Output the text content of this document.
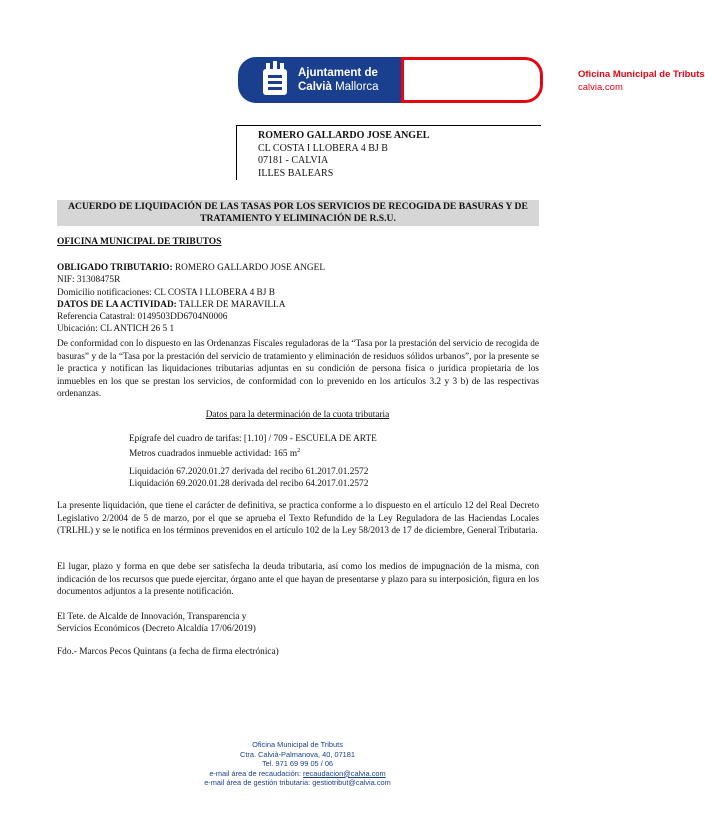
Ajuntament de
Calvià Mallorca
Oficina Municipal de Tributs
calvia.com
ROMERO GALLARDO JOSE ANGEL
CL COSTA I LLOBERA 4 BJ B
07181 - CALVIA
ILLES BALEARS
ACUERDO DE LIQUIDACIÓN DE LAS TASAS POR LOS SERVICIOS DE RECOGIDA DE BASURAS Y DE
TRATAMIENTO Y ELIMINACIÓN DE R.S.U.
OFICINA MUNICIPAL DE TRIBUTOS
OBLIGADO TRIBUTARIO: ROMERO GALLARDO JOSE ANGEL
NIF: 31308475R
Domicilio notificaciones: CL COSTA I LLOBERA 4 BJ B
DATOS DE LA ACTIVIDAD: TALLER DE MARAVILLA
Referencia Catastral: 0149503DD6704N0006
Ubicación: CL ANTICH 26 5 1
De conformidad con lo dispuesto en las Ordenanzas Fiscales reguladoras de la “Tasa por la prestación del servicio de recogida de basuras” y de la “Tasa por la prestación del servicio de tratamiento y eliminación de residuos sólidos urbanos”, por la presente se le practica y notifican las liquidaciones tributarias adjuntas en su condición de persona física o jurídica propietaria de los inmuebles en los que se prestan los servicios, de conformidad con lo prevenido en los artículos 3.2 y 3 b) de las respectivas ordenanzas.
Datos para la determinación de la cuota tributaria
Epígrafe del cuadro de tarifas: [1.10] / 709 - ESCUELA DE ARTE
Metros cuadrados inmueble actividad: 165 $m^2$
Liquidación 67.2020.01.27 derivada del recibo 61.2017.01.2572
Liquidación 69.2020.01.28 derivada del recibo 64.2017.01.2572
La presente liquidación, que tiene el carácter de definitiva, se practica conforme a lo dispuesto en el artículo 12 del Real Decreto Legislativo 2/2004 de 5 de marzo, por el que se aprueba el Texto Refundido de la Ley Reguladora de las Haciendas Locales (TRLHL) y se le notifica en los términos prevenidos en el artículo 102 de la Ley 58/2013 de 17 de diciembre, General Tributaria.
El lugar, plazo y forma en que debe ser satisfecha la deuda tributaria, así como los medios de impugnación de la misma, con indicación de los recursos que puede ejercitar, órgano ante el que hayan de presentarse y plazo para su interposición, figura en los documentos adjuntos a la presente notificación.
El Tete. de Alcalde de Innovación, Transparencia y
Servicios Económicos (Decreto Alcaldía 17/06/2019)
Fdo.- Marcos Pecos Quintans (a fecha de firma electrónica)
Oficina Municipal de Tributs
Ctra. Calvià-Palmanova, 40, 07181
Tel. 971 69 99 05 / 06
e-mail área de recaudación: recaudacion@calvia.com
e-mail área de gestión tributaria: gestiotribut@calvia.com
